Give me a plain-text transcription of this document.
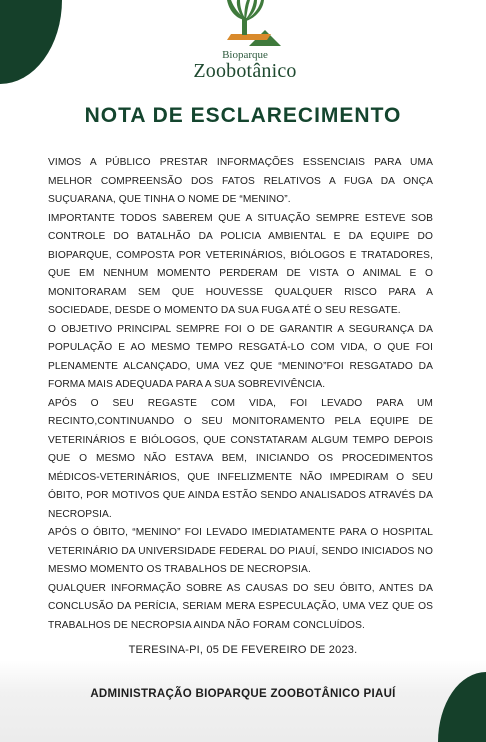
Bioparque
Zoobotânico
NOTA DE ESCLARECIMENTO

VIMOS A PÚBLICO PRESTAR INFORMAÇÕES ESSENCIAIS PARA UMA MELHOR COMPREENSÃO DOS FATOS RELATIVOS A FUGA DA ONÇA SUÇUARANA, QUE TINHA O NOME DE “MENINO”.

IMPORTANTE TODOS SABEREM QUE A SITUAÇÃO SEMPRE ESTEVE SOB CONTROLE DO BATALHÃO DA POLICIA AMBIENTAL E DA EQUIPE DO BIOPARQUE, COMPOSTA POR VETERINÁRIOS, BIÓLOGOS E TRATADORES, QUE EM NENHUM MOMENTO PERDERAM DE VISTA O ANIMAL E O MONITORARAM SEM QUE HOUVESSE QUALQUER RISCO PARA A SOCIEDADE, DESDE O MOMENTO DA SUA FUGA ATÉ O SEU RESGATE.

O OBJETIVO PRINCIPAL SEMPRE FOI O DE GARANTIR A SEGURANÇA DA POPULAÇÃO E AO MESMO TEMPO RESGATÁ-LO COM VIDA, O QUE FOI PLENAMENTE ALCANÇADO, UMA VEZ QUE “MENINO”FOI RESGATADO DA FORMA MAIS ADEQUADA PARA A SUA SOBREVIVÊNCIA.

APÓS O SEU REGASTE COM VIDA, FOI LEVADO PARA UM RECINTO,CONTINUANDO O SEU MONITORAMENTO PELA EQUIPE DE VETERINÁRIOS E BIÓLOGOS, QUE CONSTATARAM ALGUM TEMPO DEPOIS QUE O MESMO NÃO ESTAVA BEM, INICIANDO OS PROCEDIMENTOS MÉDICOS-VETERINÁRIOS, QUE INFELIZMENTE NÃO IMPEDIRAM O SEU ÓBITO, POR MOTIVOS QUE AINDA ESTÃO SENDO ANALISADOS ATRAVÉS DA NECROPSIA.

APÓS O ÓBITO, “MENINO” FOI LEVADO IMEDIATAMENTE PARA O HOSPITAL VETERINÁRIO DA UNIVERSIDADE FEDERAL DO PIAUÍ, SENDO INICIADOS NO MESMO MOMENTO OS TRABALHOS DE NECROPSIA.

QUALQUER INFORMAÇÃO SOBRE AS CAUSAS DO SEU ÓBITO, ANTES DA CONCLUSÃO DA PERÍCIA, SERIAM MERA ESPECULAÇÃO, UMA VEZ QUE OS TRABALHOS DE NECROPSIA AINDA NÃO FORAM CONCLUÍDOS.

TERESINA-PI, 05 DE FEVEREIRO DE 2023.
ADMINISTRAÇÃO BIOPARQUE ZOOBOTÂNICO PIAUÍ
